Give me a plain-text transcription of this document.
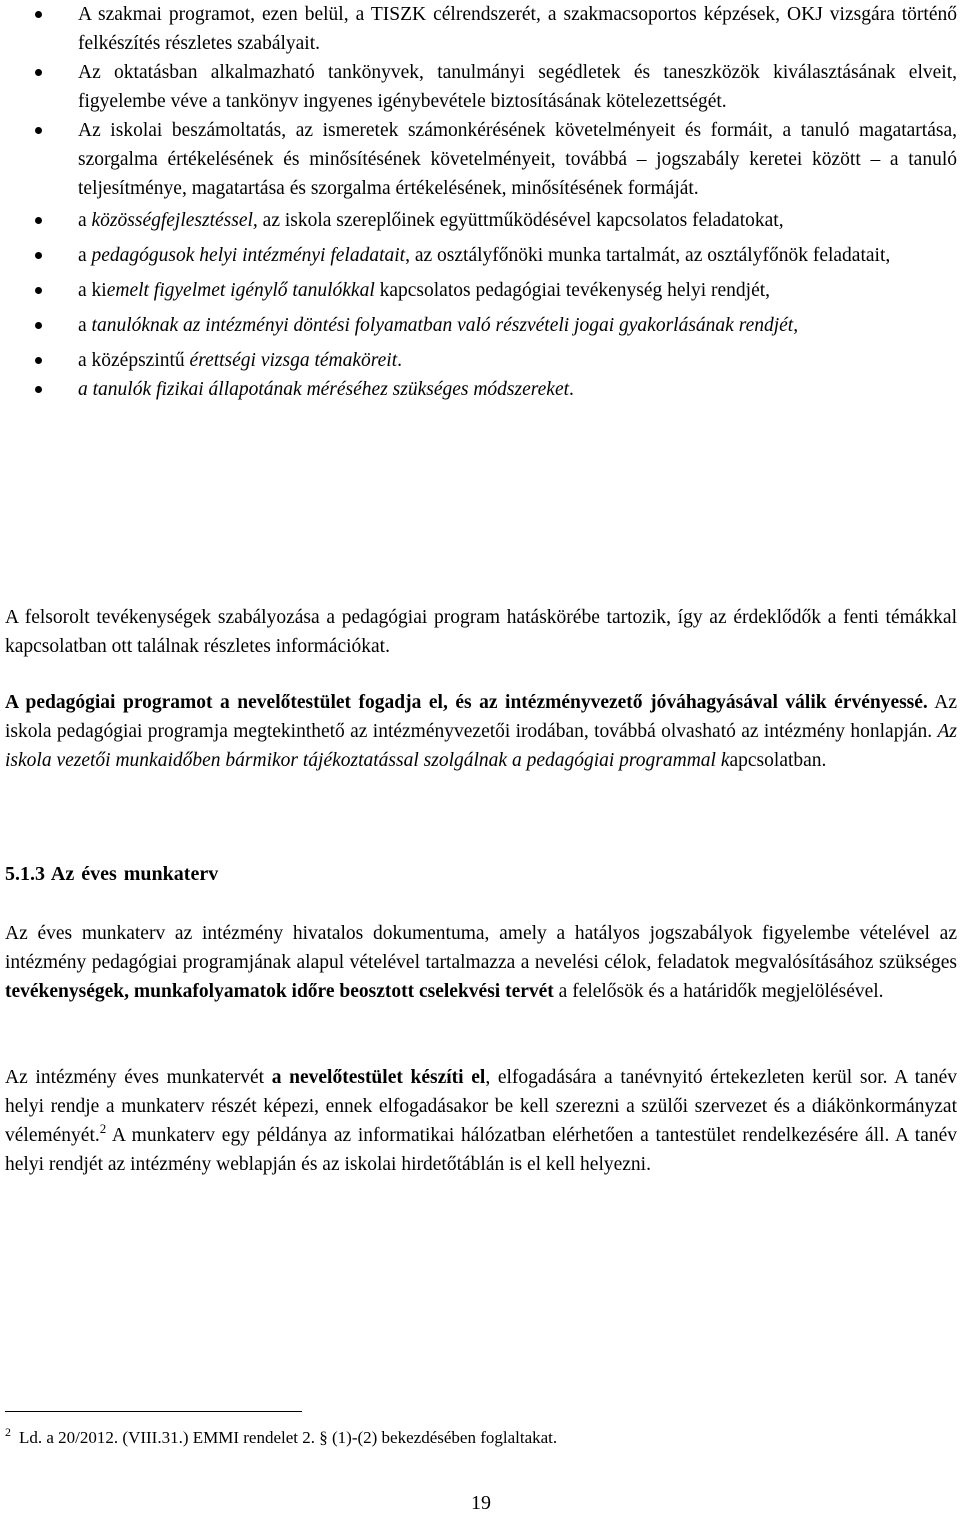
A szakmai programot, ezen belül, a TISZK célrendszerét, a szakmacsoportos képzések, OKJ vizsgára történő felkészítés részletes szabályait.
Az oktatásban alkalmazható tankönyvek, tanulmányi segédletek és taneszközök kiválasztásának elveit, figyelembe véve a tankönyv ingyenes igénybevétele biztosításának kötelezettségét.
Az iskolai beszámoltatás, az ismeretek számonkérésének követelményeit és formáit, a tanuló magatartása, szorgalma értékelésének és minősítésének követelményeit, továbbá – jogszabály keretei között – a tanuló teljesítménye, magatartása és szorgalma értékelésének, minősítésének formáját.
a közösségfejlesztéssel, az iskola szereplőinek együttműködésével kapcsolatos feladatokat,
a pedagógusok helyi intézményi feladatait, az osztályfőnöki munka tartalmát, az osztályfőnök feladatait,
a kiemelt figyelmet igénylő tanulókkal kapcsolatos pedagógiai tevékenység helyi rendjét,
a tanulóknak az intézményi döntési folyamatban való részvételi jogai gyakorlásának rendjét,
a középszintű érettségi vizsga témaköreit.
a tanulók fizikai állapotának méréséhez szükséges módszereket.

A felsorolt tevékenységek szabályozása a pedagógiai program hatáskörébe tartozik, így az érdeklődők a fenti témákkal kapcsolatban ott találnak részletes információkat.

A pedagógiai programot a nevelőtestület fogadja el, és az intézményvezető jóváhagyásával válik érvényessé. Az iskola pedagógiai programja megtekinthető az intézményvezetői irodában, továbbá olvasható az intézmény honlapján. Az iskola vezetői munkaidőben bármikor tájékoztatással szolgálnak a pedagógiai programmal kapcsolatban.

5.1.3 Az éves munkaterv

Az éves munkaterv az intézmény hivatalos dokumentuma, amely a hatályos jogszabályok figyelembe vételével az intézmény pedagógiai programjának alapul vételével tartalmazza a nevelési célok, feladatok megvalósításához szükséges tevékenységek, munkafolyamatok időre beosztott cselekvési tervét a felelősök és a határidők megjelölésével.

Az intézmény éves munkatervét a nevelőtestület készíti el, elfogadására a tanévnyitó értekezleten kerül sor. A tanév helyi rendje a munkaterv részét képezi, ennek elfogadásakor be kell szerezni a szülői szervezet és a diákönkormányzat véleményét.$^2$ A munkaterv egy példánya az informatikai hálózatban elérhetően a tantestület rendelkezésére áll. A tanév helyi rendjét az intézmény weblapján és az iskolai hirdetőtáblán is el kell helyezni.

$^2$ Ld. a 20/2012. (VIII.31.) EMMI rendelet 2. § (1)-(2) bekezdésében foglaltakat.

19
